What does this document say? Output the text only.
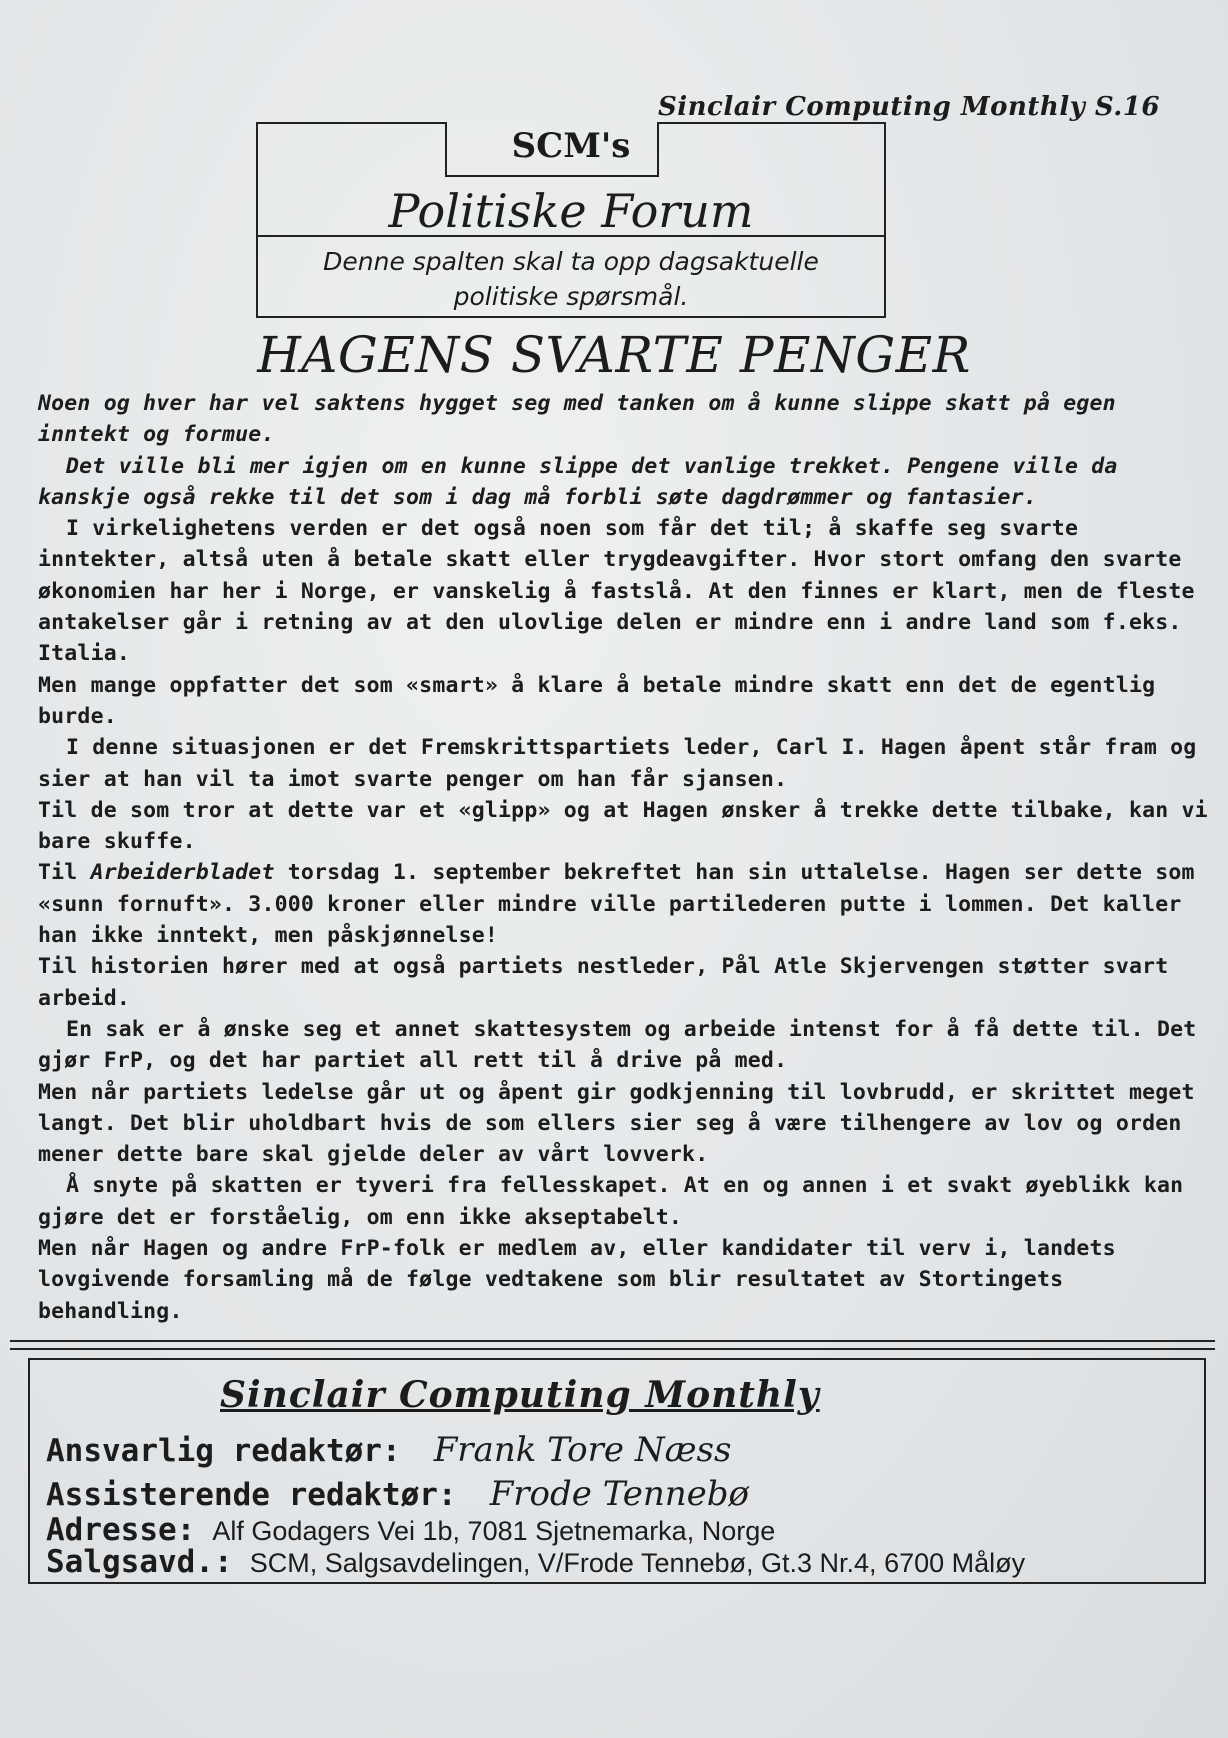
Sinclair Computing Monthly S.16
SCM's
Politiske Forum
Denne spalten skal ta opp dagsaktuelle
politiske spørsmål.
HAGENS SVARTE PENGER

Noen og hver har vel saktens hygget seg med tanken om å kunne slippe skatt på egen inntekt og formue.

Det ville bli mer igjen om en kunne slippe det vanlige trekket. Pengene ville da kanskje også rekke til det som i dag må forbli søte dagdrømmer og fantasier.

I virkelighetens verden er det også noen som får det til; å skaffe seg svarte inntekter, altså uten å betale skatt eller trygdeavgifter. Hvor stort omfang den svarte økonomien har her i Norge, er vanskelig å fastslå. At den finnes er klart, men de fleste antakelser går i retning av at den ulovlige delen er mindre enn i andre land som f.eks. Italia.

Men mange oppfatter det som «smart» å klare å betale mindre skatt enn det de egentlig burde.

I denne situasjonen er det Fremskrittspartiets leder, Carl I. Hagen åpent står fram og sier at han vil ta imot svarte penger om han får sjansen.

Til de som tror at dette var et «glipp» og at Hagen ønsker å trekke dette tilbake, kan vi bare skuffe.

Til Arbeiderbladet torsdag 1. september bekreftet han sin uttalelse. Hagen ser dette som «sunn fornuft». 3.000 kroner eller mindre ville partilederen putte i lommen. Det kaller han ikke inntekt, men påskjønnelse!

Til historien hører med at også partiets nestleder, Pål Atle Skjervengen støtter svart arbeid.

En sak er å ønske seg et annet skattesystem og arbeide intenst for å få dette til. Det gjør FrP, og det har partiet all rett til å drive på med.

Men når partiets ledelse går ut og åpent gir godkjenning til lovbrudd, er skrittet meget langt. Det blir uholdbart hvis de som ellers sier seg å være tilhengere av lov og orden mener dette bare skal gjelde deler av vårt lovverk.

Å snyte på skatten er tyveri fra fellesskapet. At en og annen i et svakt øyeblikk kan gjøre det er forståelig, om enn ikke akseptabelt.

Men når Hagen og andre FrP-folk er medlem av, eller kandidater til verv i, landets lovgivende forsamling må de følge vedtakene som blir resultatet av Stortingets behandling.

Sinclair Computing Monthly
Ansvarlig redaktør: Frank Tore Næss
Assisterende redaktør: Frode Tennebø
Adresse: Alf Godagers Vei 1b, 7081 Sjetnemarka, Norge
Salgsavd.: SCM, Salgsavdelingen, V/Frode Tennebø, Gt.3 Nr.4, 6700 Måløy
